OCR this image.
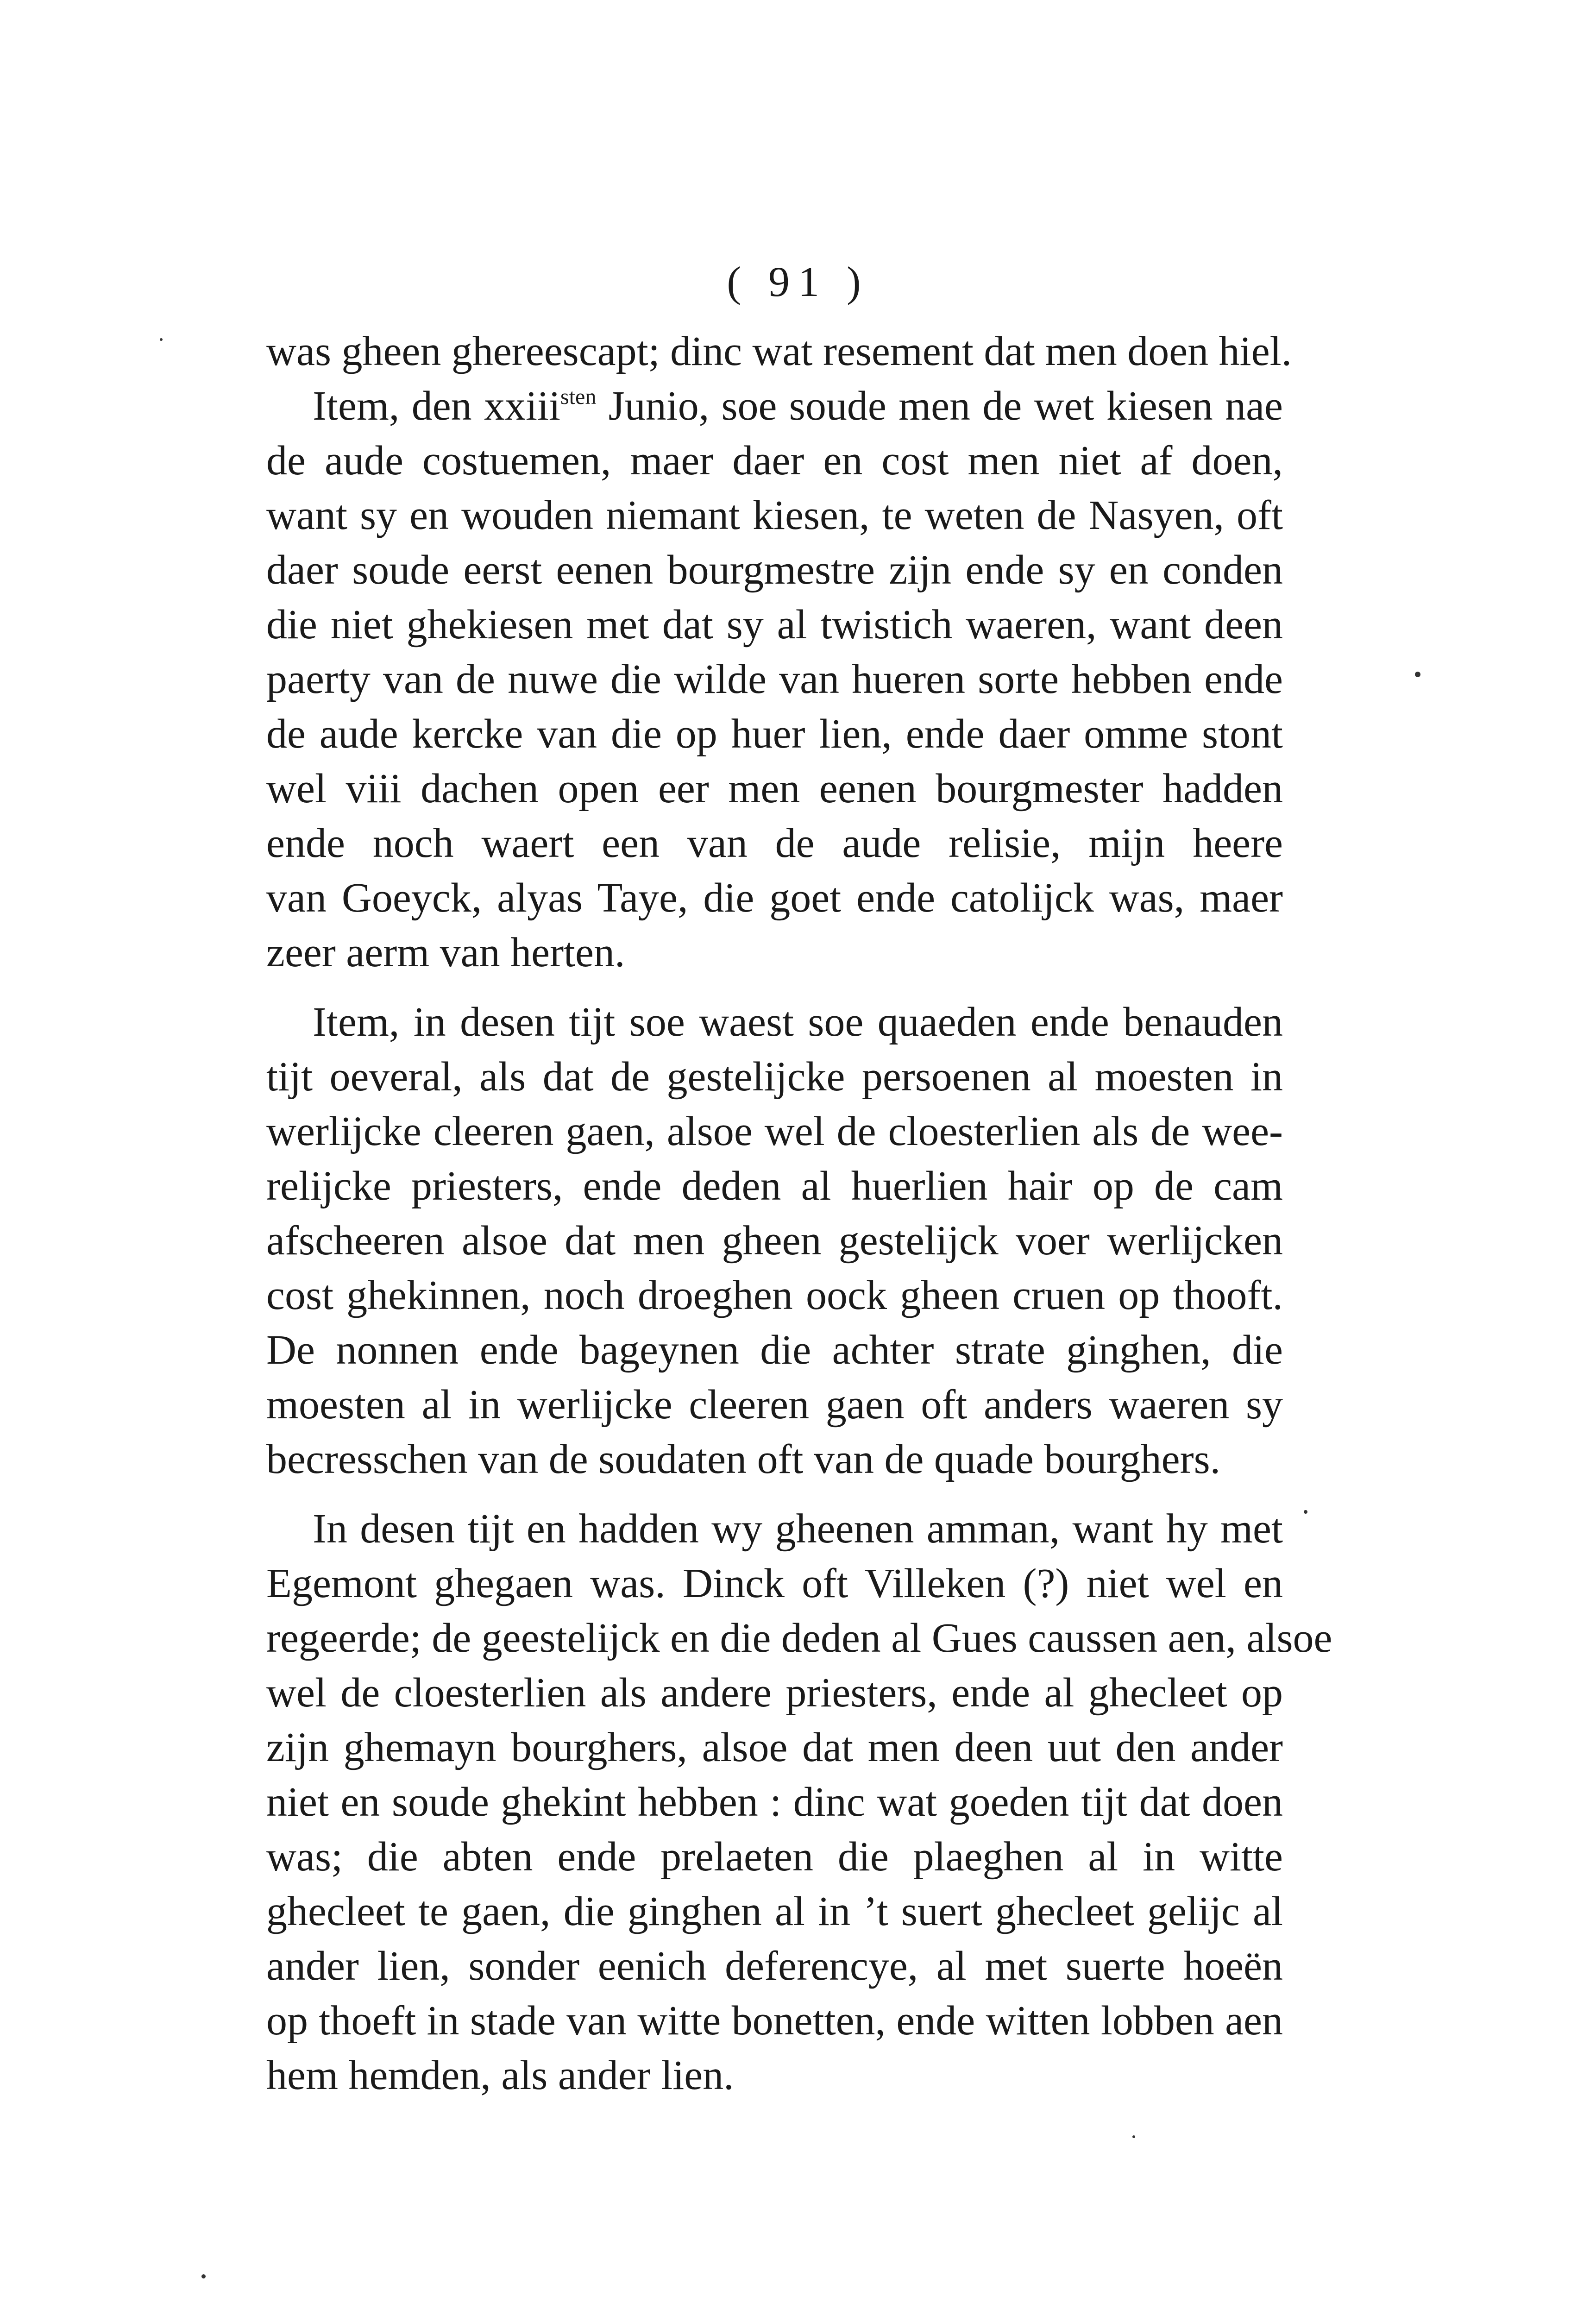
( 91 )
was gheen ghereescapt; dinc wat resement dat men doen hiel.
Item, den xxiii$^{sten}$ Junio, soe soude men de wet kiesen nae
de aude costuemen, maer daer en cost men niet af doen,
want sy en wouden niemant kiesen, te weten de Nasyen, oft
daer soude eerst eenen bourgmestre zijn ende sy en conden
die niet ghekiesen met dat sy al twistich waeren, want deen
paerty van de nuwe die wilde van hueren sorte hebben ende
de aude kercke van die op huer lien, ende daer omme stont
wel viii dachen open eer men eenen bourgmester hadden
ende noch waert een van de aude relisie, mijn heere
van Goeyck, alyas Taye, die goet ende catolijck was, maer
zeer aerm van herten.
Item, in desen tijt soe waest soe quaeden ende benauden
tijt oeveral, als dat de gestelijcke persoenen al moesten in
werlijcke cleeren gaen, alsoe wel de cloesterlien als de wee-
relijcke priesters, ende deden al huerlien hair op de cam
afscheeren alsoe dat men gheen gestelijck voer werlijcken
cost ghekinnen, noch droeghen oock gheen cruen op thooft.
De nonnen ende bageynen die achter strate ginghen, die
moesten al in werlijcke cleeren gaen oft anders waeren sy
becresschen van de soudaten oft van de quade bourghers.
In desen tijt en hadden wy gheenen amman, want hy met
Egemont ghegaen was. Dinck oft Villeken (?) niet wel en
regeerde; de geestelijck en die deden al Gues caussen aen, alsoe
wel de cloesterlien als andere priesters, ende al ghecleet op
zijn ghemayn bourghers, alsoe dat men deen uut den ander
niet en soude ghekint hebben : dinc wat goeden tijt dat doen
was; die abten ende prelaeten die plaeghen al in witte
ghecleet te gaen, die ginghen al in ’t suert ghecleet gelijc al
ander lien, sonder eenich deferencye, al met suerte hoeën
op thoeft in stade van witte bonetten, ende witten lobben aen
hem hemden, als ander lien.
